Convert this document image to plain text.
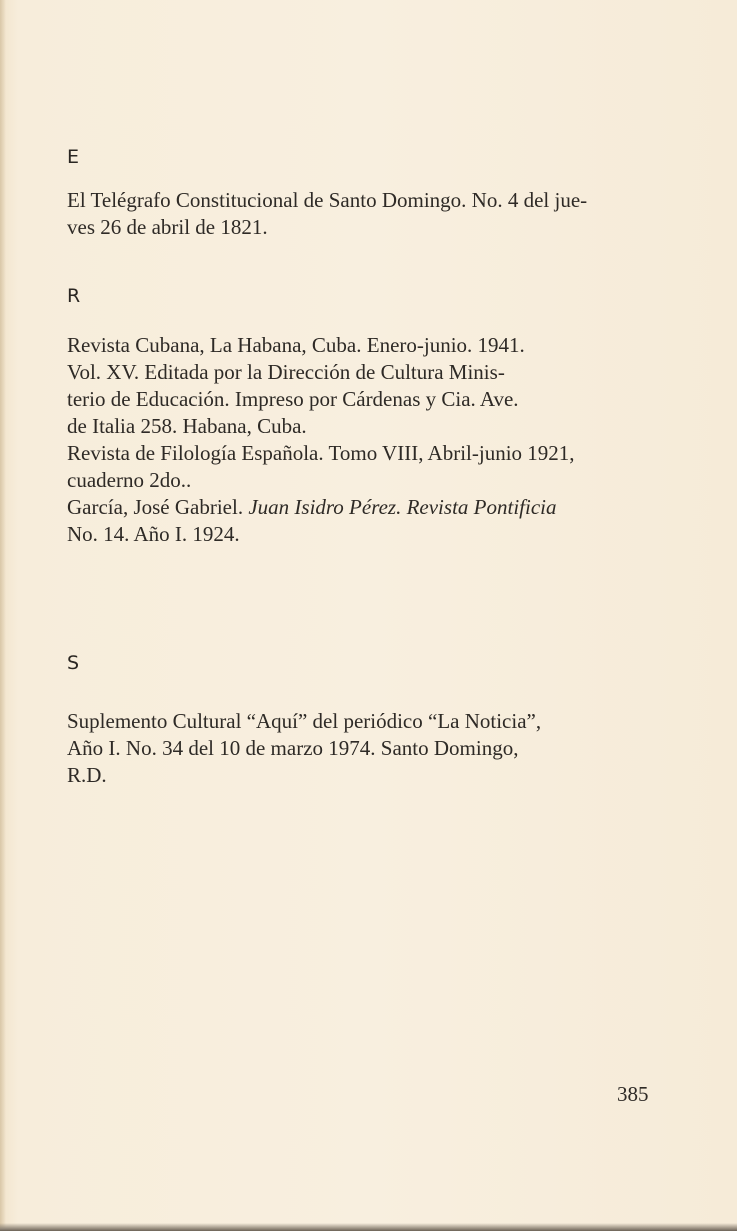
E
El Telégrafo Constitucional de Santo Domingo. No. 4 del jue-
ves 26 de abril de 1821.
R
Revista Cubana, La Habana, Cuba. Enero-junio. 1941.
Vol. XV. Editada por la Dirección de Cultura Minis-
terio de Educación. Impreso por Cárdenas y Cia. Ave.
de Italia 258. Habana, Cuba.
Revista de Filología Española. Tomo VIII, Abril-junio 1921,
cuaderno 2do..
García, José Gabriel. Juan Isidro Pérez. Revista Pontificia
No. 14. Año I. 1924.
S
Suplemento Cultural “Aquí” del periódico “La Noticia”,
Año I. No. 34 del 10 de marzo 1974. Santo Domingo,
R.D.
385
